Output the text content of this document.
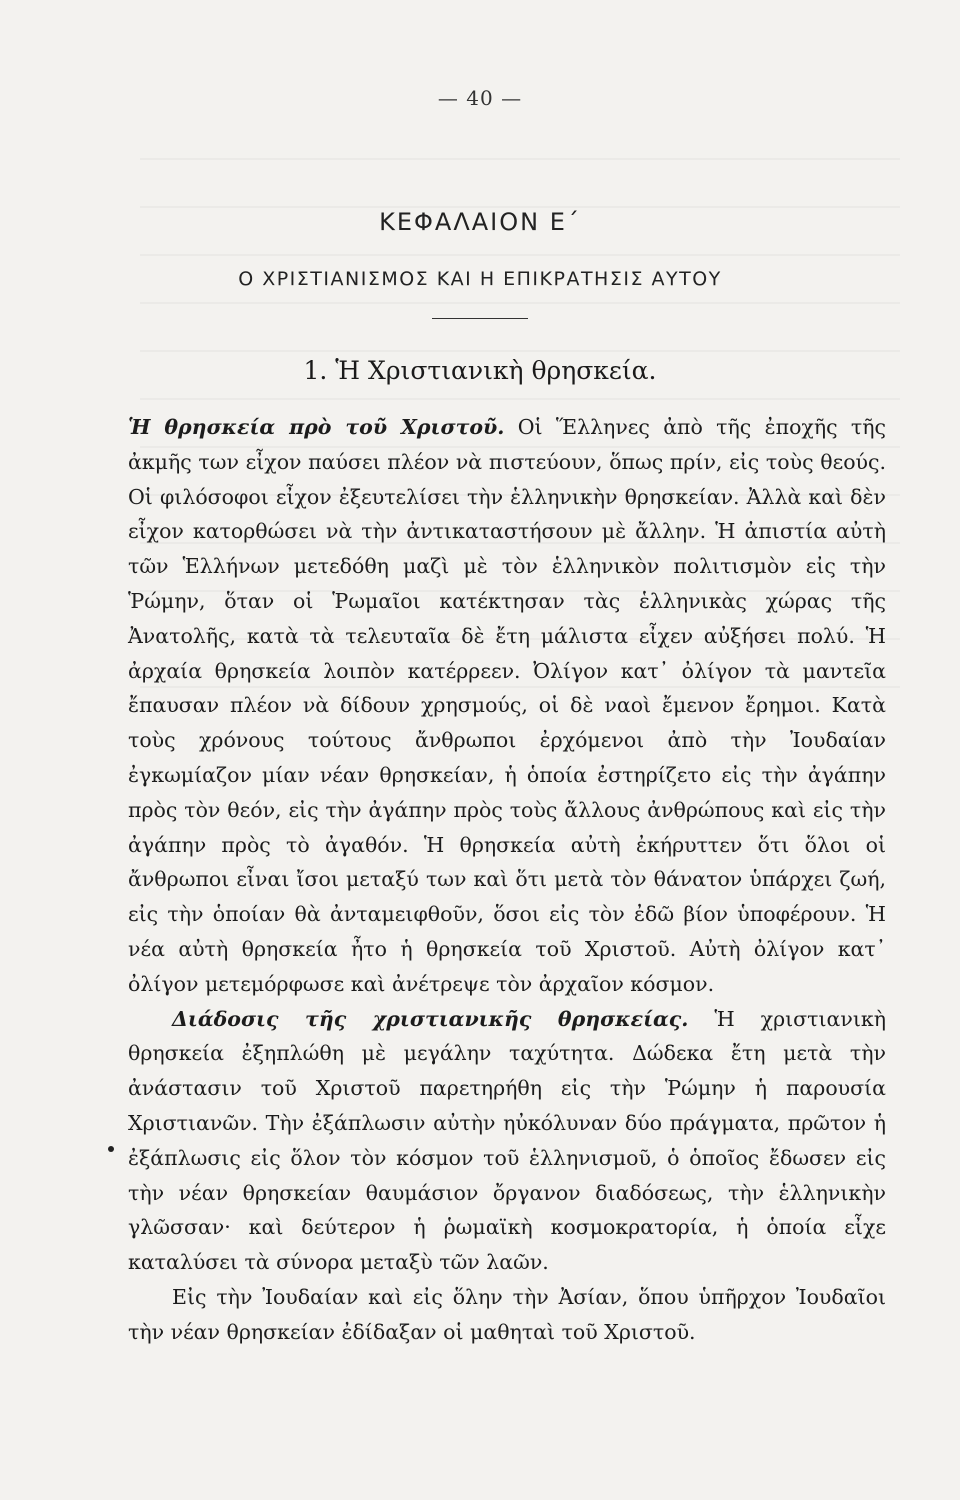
— 40 —
ΚΕΦΑΛΑΙΟΝ Ε΄
Ο ΧΡΙΣΤΙΑΝΙΣΜΟΣ ΚΑΙ Η ΕΠΙΚΡΑΤΗΣΙΣ ΑΥΤΟΥ
1. Ἡ Χριστιανικὴ θρησκεία.

Ἡ θρησκεία πρὸ τοῦ Χριστοῦ. Οἱ Ἕλληνες ἀπὸ τῆς ἐποχῆς τῆς ἀκμῆς των εἶχον παύσει πλέον νὰ πιστεύουν, ὅπως πρίν, εἰς τοὺς θεούς. Οἱ φιλόσοφοι εἶχον ἐξευτελίσει τὴν ἑλληνικὴν θρησκείαν. Ἀλλὰ καὶ δὲν εἶχον κατορθώσει νὰ τὴν ἀντικαταστήσουν μὲ ἄλλην. Ἡ ἀπιστία αὐτὴ τῶν Ἑλλήνων μετεδόθη μαζὶ μὲ τὸν ἑλληνικὸν πολιτισμὸν εἰς τὴν Ῥώμην, ὅταν οἱ Ῥωμαῖοι κατέκτησαν τὰς ἑλληνικὰς χώρας τῆς Ἀνατολῆς, κατὰ τὰ τελευταῖα δὲ ἔτη μάλιστα εἶχεν αὐξήσει πολύ. Ἡ ἀρχαία θρησκεία λοιπὸν κατέρρεεν. Ὀλίγον κατ᾿ ὀλίγον τὰ μαντεῖα ἔπαυσαν πλέον νὰ δίδουν χρησμούς, οἱ δὲ ναοὶ ἔμενον ἔρημοι. Κατὰ τοὺς χρόνους τούτους ἄνθρωποι ἐρχόμενοι ἀπὸ τὴν Ἰουδαίαν ἐγκωμίαζον μίαν νέαν θρησκείαν, ἡ ὁποία ἐστηρίζετο εἰς τὴν ἀγάπην πρὸς τὸν θεόν, εἰς τὴν ἀγάπην πρὸς τοὺς ἄλλους ἀνθρώπους καὶ εἰς τὴν ἀγάπην πρὸς τὸ ἀγαθόν. Ἡ θρησκεία αὐτὴ ἐκήρυττεν ὅτι ὅλοι οἱ ἄνθρωποι εἶναι ἴσοι μεταξύ των καὶ ὅτι μετὰ τὸν θάνατον ὑπάρχει ζωή, εἰς τὴν ὁποίαν θὰ ἀνταμειφθοῦν, ὅσοι εἰς τὸν ἐδῶ βίον ὑποφέρουν. Ἡ νέα αὐτὴ θρησκεία ἦτο ἡ θρησκεία τοῦ Χριστοῦ. Αὐτὴ ὀλίγον κατ᾿ ὀλίγον μετεμόρφωσε καὶ ἀνέτρεψε τὸν ἀρχαῖον κόσμον.

Διάδοσις τῆς χριστιανικῆς θρησκείας. Ἡ χριστιανικὴ θρησκεία ἐξηπλώθη μὲ μεγάλην ταχύτητα. Δώδεκα ἔτη μετὰ τὴν ἀνάστασιν τοῦ Χριστοῦ παρετηρήθη εἰς τὴν Ῥώμην ἡ παρουσία Χριστιανῶν. Τὴν ἐξάπλωσιν αὐτὴν ηὐκόλυναν δύο πράγματα, πρῶτον ἡ ἐξάπλωσις εἰς ὅλον τὸν κόσμον τοῦ ἑλληνισμοῦ, ὁ ὁποῖος ἔδωσεν εἰς τὴν νέαν θρησκείαν θαυμάσιον ὄργανον διαδόσεως, τὴν ἑλληνικὴν γλῶσσαν· καὶ δεύτερον ἡ ῥωμαϊκὴ κοσμοκρατορία, ἡ ὁποία εἶχε καταλύσει τὰ σύνορα μεταξὺ τῶν λαῶν.

Εἰς τὴν Ἰουδαίαν καὶ εἰς ὅλην τὴν Ἀσίαν, ὅπου ὑπῆρχον Ἰουδαῖοι τὴν νέαν θρησκείαν ἐδίδαξαν οἱ μαθηταὶ τοῦ Χριστοῦ.
